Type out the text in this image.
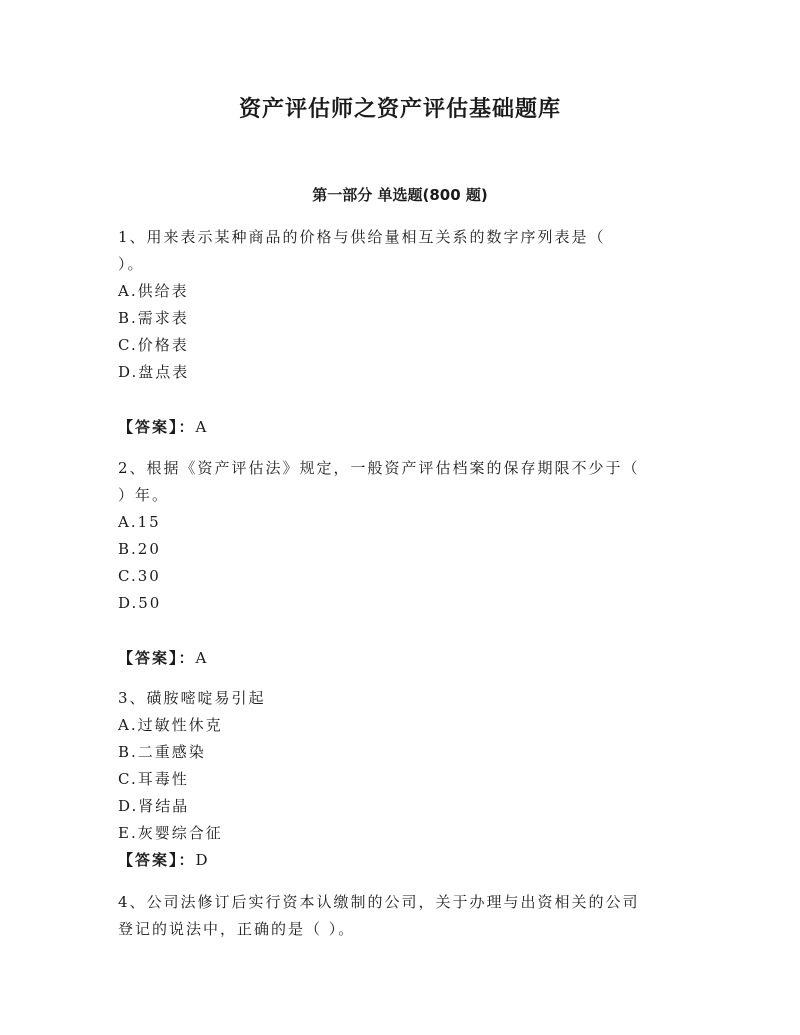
资产评估师之资产评估基础题库
第一部分 单选题(800 题)
1、用来表示某种商品的价格与供给量相互关系的数字序列表是（
）。
A.供给表
B.需求表
C.价格表
D.盘点表
【答案】：A
2、根据《资产评估法》规定，一般资产评估档案的保存期限不少于（
）年。
A.15
B.20
C.30
D.50
【答案】：A
3、磺胺嘧啶易引起
A.过敏性休克
B.二重感染
C.耳毒性
D.肾结晶
E.灰婴综合征
【答案】：D
4、公司法修订后实行资本认缴制的公司，关于办理与出资相关的公司
登记的说法中，正确的是（ ）。
